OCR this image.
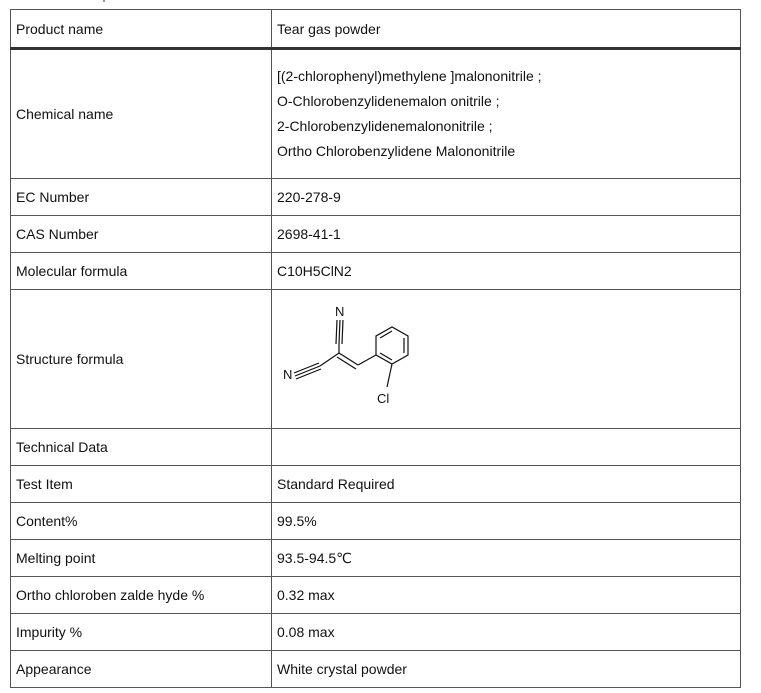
Product name	Tear gas powder
Chemical name	[(2-chlorophenyl)methylene ]malononitrile ;
O-Chlorobenzylidenemalon onitrile ;
2-Chlorobenzylidenemalononitrile ;
Ortho Chlorobenzylidene Malononitrile

EC Number	220-278-9
CAS Number	2698-41-1
Molecular formula	C10H5ClN2
Structure formula	N
N
Cl

Technical Data	
Test Item	Standard Required
Content%	99.5%
Melting point	93.5-94.5℃
Ortho chloroben zalde hyde %	0.32 max
Impurity %	0.08 max
Appearance	White crystal powder
